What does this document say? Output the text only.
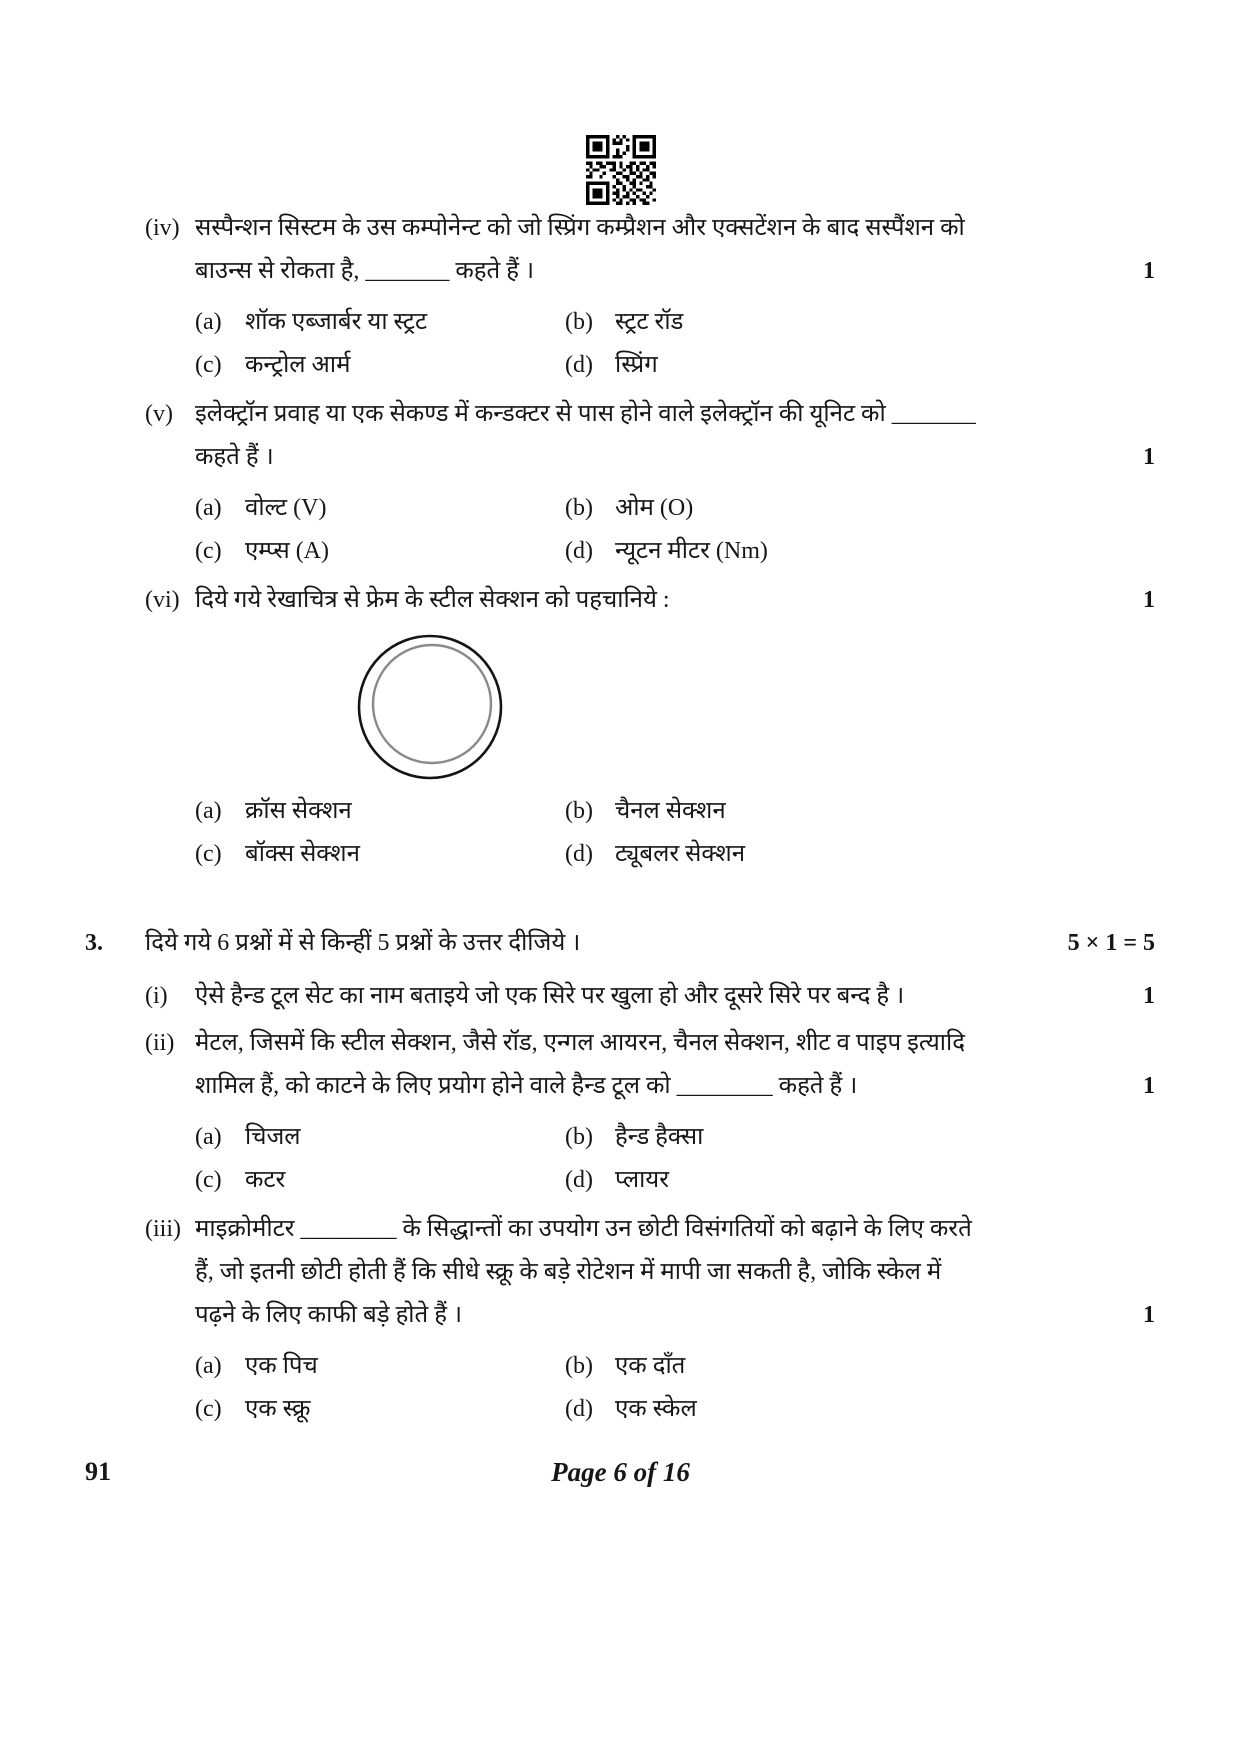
(iv) सस्पैन्शन सिस्टम के उस कम्पोनेन्ट को जो स्प्रिंग कम्प्रैशन और एक्सटेंशन के बाद सस्पैंशन को बाउन्स से रोकता है, _______ कहते हैं ।	1
(a) शॉक एब्जार्बर या स्ट्रट	(b) स्ट्रट रॉड
(c) कन्ट्रोल आर्म	(d) स्प्रिंग
(v) इलेक्ट्रॉन प्रवाह या एक सेकण्ड में कन्डक्टर से पास होने वाले इलेक्ट्रॉन की यूनिट को _______ कहते हैं ।	1
(a) वोल्ट (V)	(b) ओम (O)
(c) एम्प्स (A)	(d) न्यूटन मीटर (Nm)
(vi) दिये गये रेखाचित्र से फ्रेम के स्टील सेक्शन को पहचानिये :	1
(a) क्रॉस सेक्शन	(b) चैनल सेक्शन
(c) बॉक्स सेक्शन	(d) ट्यूबलर सेक्शन
3.	दिये गये 6 प्रश्नों में से किन्हीं 5 प्रश्नों के उत्तर दीजिये ।	5 × 1 = 5
(i)	ऐसे हैन्ड टूल सेट का नाम बताइये जो एक सिरे पर खुला हो और दूसरे सिरे पर बन्द है ।	1
(ii) मेटल, जिसमें कि स्टील सेक्शन, जैसे रॉड, एन्गल आयरन, चैनल सेक्शन, शीट व पाइप इत्यादि शामिल हैं, को काटने के लिए प्रयोग होने वाले हैन्ड टूल को ________ कहते हैं ।	1
(a) चिजल	(b) हैन्ड हैक्सा
(c) कटर	(d) प्लायर
(iii) माइक्रोमीटर ________ के सिद्धान्तों का उपयोग उन छोटी विसंगतियों को बढ़ाने के लिए करते हैं, जो इतनी छोटी होती हैं कि सीधे स्क्रू के बड़े रोटेशन में मापी जा सकती है, जोकि स्केल में पढ़ने के लिए काफी बड़े होते हैं ।	1
(a) एक पिच	(b) एक दाँत
(c) एक स्क्रू	(d) एक स्केल
91	Page 6 of 16
